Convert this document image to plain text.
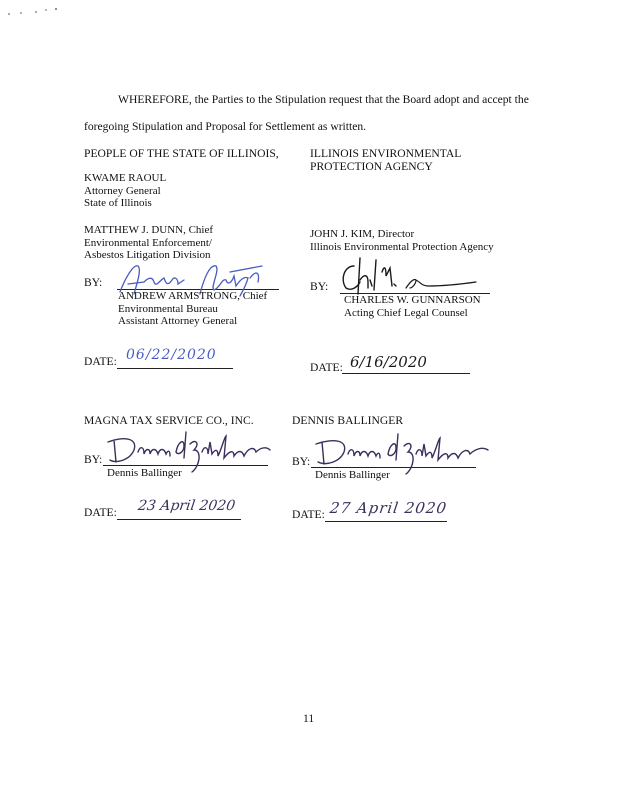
WHEREFORE, the Parties to the Stipulation request that the Board adopt and accept the
foregoing Stipulation and Proposal for Settlement as written.
PEOPLE OF THE STATE OF ILLINOIS,
KWAME RAOUL
Attorney General
State of Illinois
MATTHEW J. DUNN, Chief
Environmental Enforcement/
Asbestos Litigation Division
BY:
ANDREW ARMSTRONG, Chief
Environmental Bureau
Assistant Attorney General
DATE: 06/22/2020
ILLINOIS ENVIRONMENTAL
PROTECTION AGENCY
JOHN J. KIM, Director
Illinois Environmental Protection Agency
BY:
CHARLES W. GUNNARSON
Acting Chief Legal Counsel
DATE: 6/16/2020
MAGNA TAX SERVICE CO., INC.
BY:
Dennis Ballinger
DATE: 23 April 2020
DENNIS BALLINGER
BY:
Dennis Ballinger
DATE: 27 April 2020
11
